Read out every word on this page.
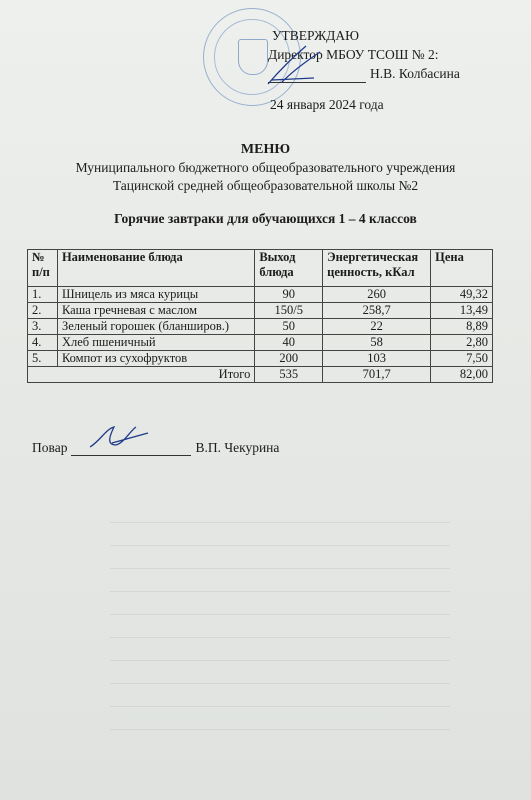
УТВЕРЖДАЮ
Директор МБОУ ТСОШ № 2:
Н.В. Колбасина
24 января 2024 года
МЕНЮ
Муниципального бюджетного общеобразовательного учреждения
Тацинской средней общеобразовательной школы №2
Горячие завтраки для обучающихся 1 – 4 классов
№ п/п	Наименование блюда	Выход блюда	Энергетическая ценность, кКал	Цена
1.	Шницель из мяса курицы	90	260	49,32
2.	Каша гречневая с маслом	150/5	258,7	13,49
3.	Зеленый горошек (бланширов.)	50	22	8,89
4.	Хлеб пшеничный	40	58	2,80
5.	Компот из сухофруктов	200	103	7,50
Итого		535	701,7	82,00
Повар	В.П. Чекурина
